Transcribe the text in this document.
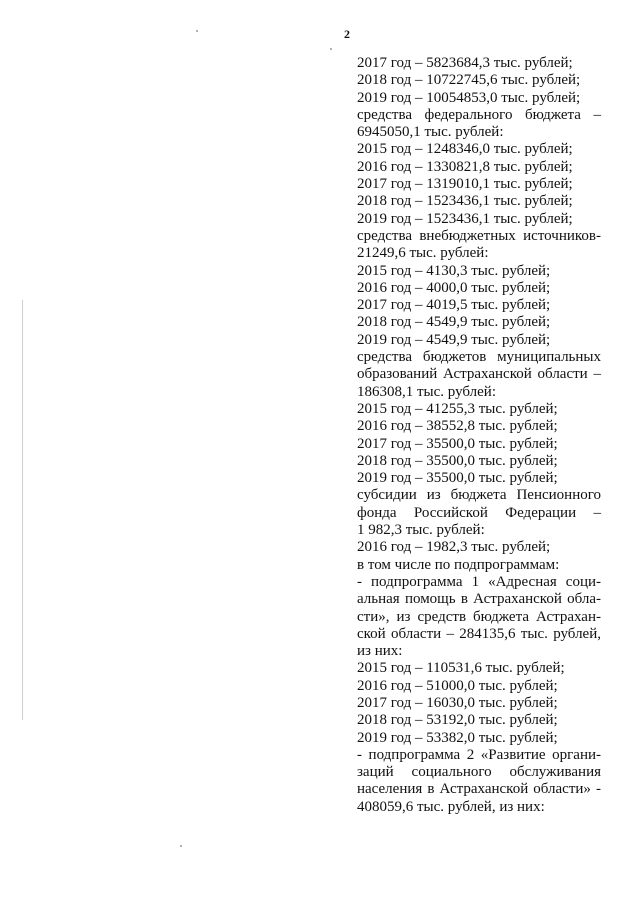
2
2017 год – 5823684,3 тыс. рублей;
2018 год – 10722745,6 тыс. рублей;
2019 год – 10054853,0 тыс. рублей;
средства федерального бюджета –
6945050,1 тыс. рублей:
2015 год – 1248346,0 тыс. рублей;
2016 год – 1330821,8 тыс. рублей;
2017 год – 1319010,1 тыс. рублей;
2018 год – 1523436,1 тыс. рублей;
2019 год – 1523436,1 тыс. рублей;
средства внебюджетных источников-
21249,6 тыс. рублей:
2015 год – 4130,3 тыс. рублей;
2016 год – 4000,0 тыс. рублей;
2017 год – 4019,5 тыс. рублей;
2018 год – 4549,9 тыс. рублей;
2019 год – 4549,9 тыс. рублей;
средства бюджетов муниципальных
образований Астраханской области –
186308,1 тыс. рублей:
2015 год – 41255,3 тыс. рублей;
2016 год – 38552,8 тыс. рублей;
2017 год – 35500,0 тыс. рублей;
2018 год – 35500,0 тыс. рублей;
2019 год – 35500,0 тыс. рублей;
субсидии из бюджета Пенсионного
фонда Российской Федерации –
1 982,3 тыс. рублей:
2016 год – 1982,3 тыс. рублей;
в том числе по подпрограммам:
- подпрограмма 1 «Адресная соци-
альная помощь в Астраханской обла-
сти», из средств бюджета Астрахан-
ской области – 284135,6 тыс. рублей,
из них:
2015 год – 110531,6 тыс. рублей;
2016 год – 51000,0 тыс. рублей;
2017 год – 16030,0 тыс. рублей;
2018 год – 53192,0 тыс. рублей;
2019 год – 53382,0 тыс. рублей;
- подпрограмма 2 «Развитие органи-
заций социального обслуживания
населения в Астраханской области» -
408059,6 тыс. рублей, из них:
